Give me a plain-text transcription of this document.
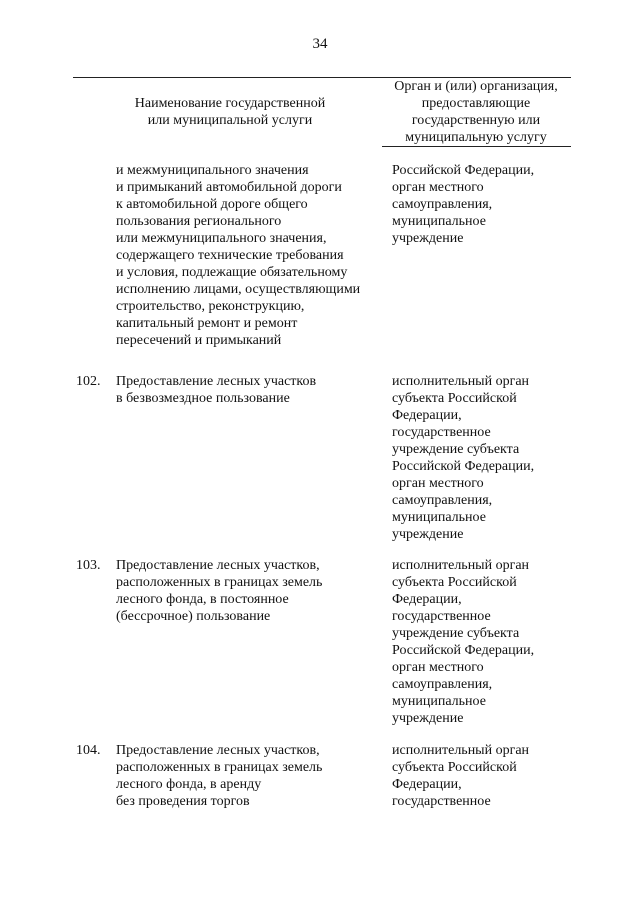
34
Наименование государственной
или муниципальной услуги
Орган и (или) организация,
предоставляющие
государственную или
муниципальную услугу
и межмуниципального значения
и примыканий автомобильной дороги
к автомобильной дороге общего
пользования регионального
или межмуниципального значения,
содержащего технические требования
и условия, подлежащие обязательному
исполнению лицами, осуществляющими
строительство, реконструкцию,
капитальный ремонт и ремонт
пересечений и примыканий
Российской Федерации,
орган местного
самоуправления,
муниципальное
учреждение
102. Предоставление лесных участков
в безвозмездное пользование
исполнительный орган
субъекта Российской
Федерации,
государственное
учреждение субъекта
Российской Федерации,
орган местного
самоуправления,
муниципальное
учреждение
103. Предоставление лесных участков,
расположенных в границах земель
лесного фонда, в постоянное
(бессрочное) пользование
исполнительный орган
субъекта Российской
Федерации,
государственное
учреждение субъекта
Российской Федерации,
орган местного
самоуправления,
муниципальное
учреждение
104. Предоставление лесных участков,
расположенных в границах земель
лесного фонда, в аренду
без проведения торгов
исполнительный орган
субъекта Российской
Федерации,
государственное
